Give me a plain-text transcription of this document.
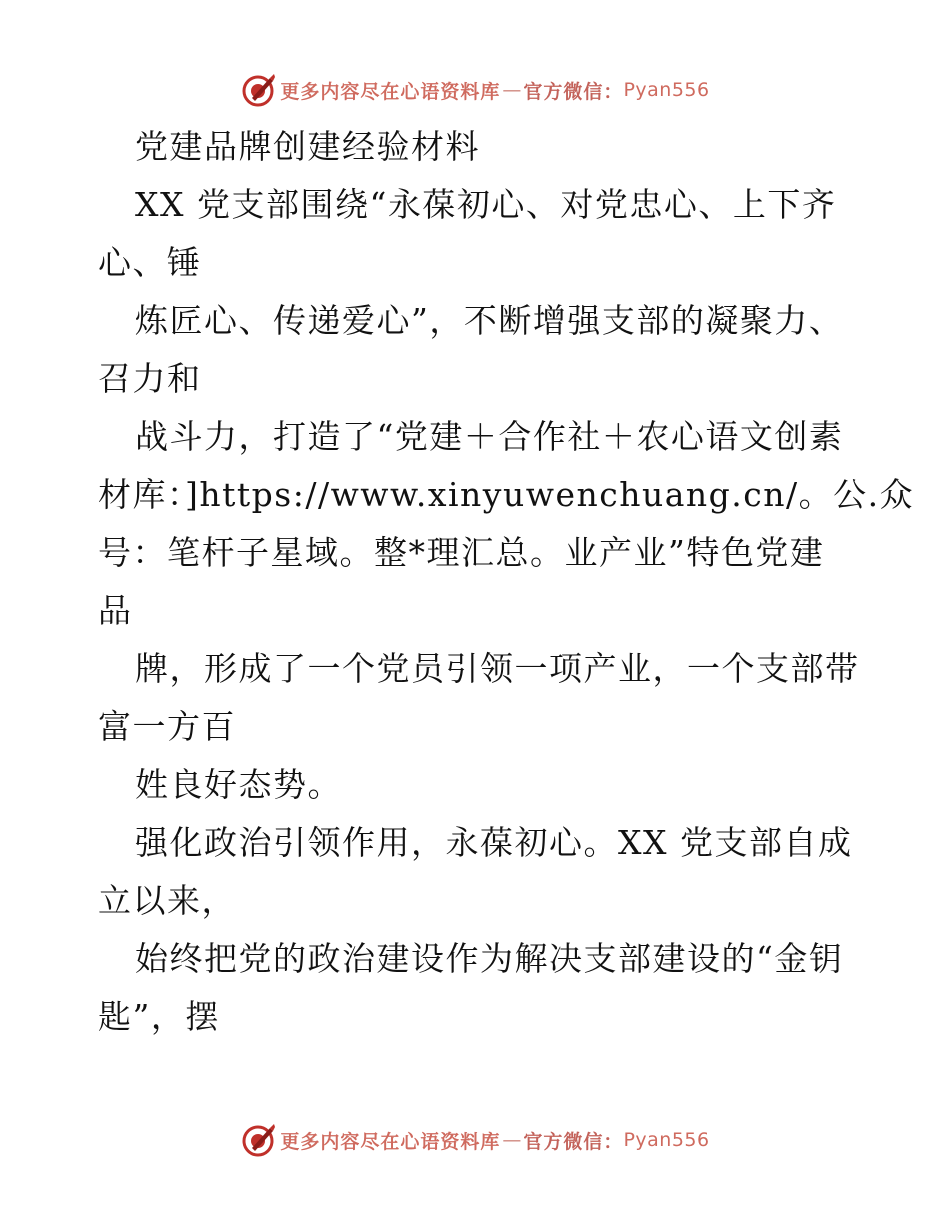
更多内容尽在心语资料库 — 官方微信： Pyan556
党建品牌创建经验材料
XX 党支部围绕“永葆初心、对党忠心、上下齐
心、锤
炼匠心、传递爱心”，不断增强支部的凝聚力、
召力和
战斗力，打造了“党建＋合作社＋农心语文创素
材库：]https://www.xinyuwenchuang.cn/。公.众
号：笔杆子星域。整*理汇总。业产业”特色党建
品
牌，形成了一个党员引领一项产业，一个支部带
富一方百
姓良好态势。
强化政治引领作用，永葆初心。XX 党支部自成
立以来，
始终把党的政治建设作为解决支部建设的“金钥
匙”，摆
更多内容尽在心语资料库 — 官方微信： Pyan556
